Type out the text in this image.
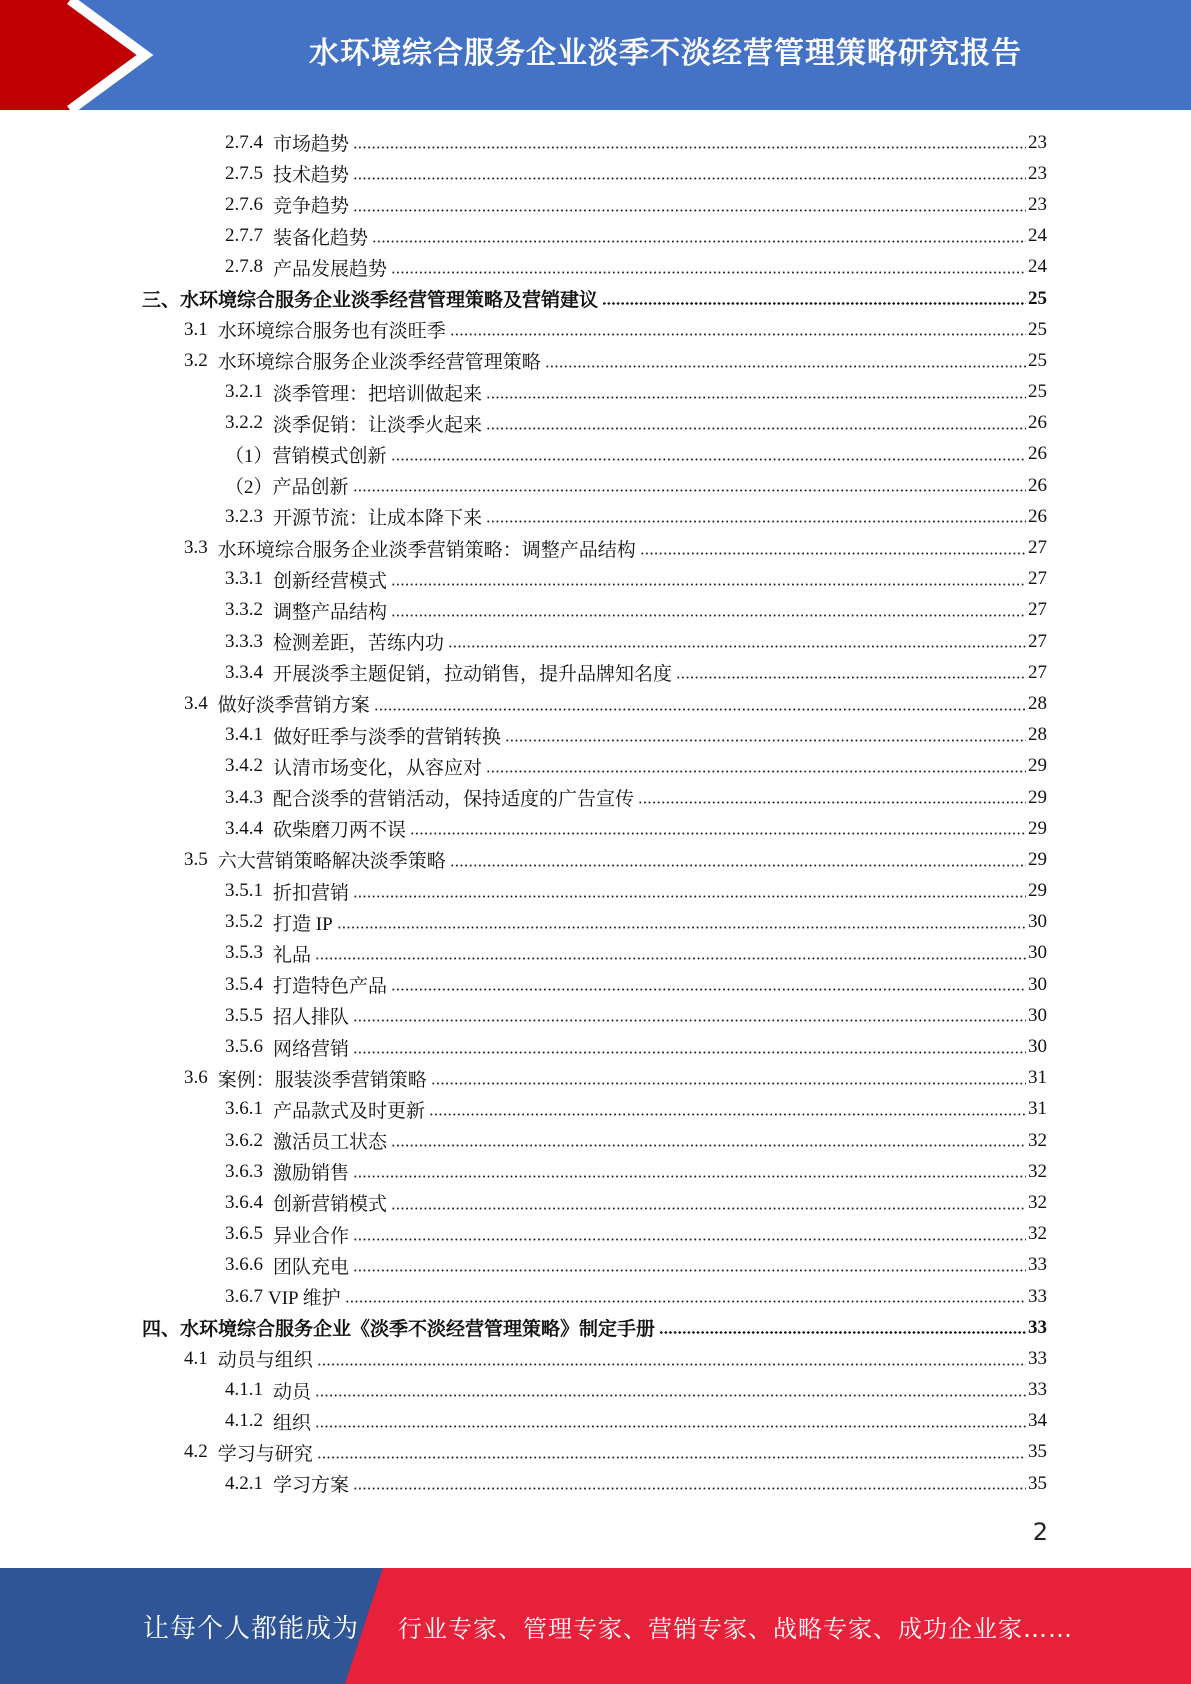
水环境综合服务企业淡季不淡经营管理策略研究报告
2.7.4 市场趋势	23
2.7.5 技术趋势	23
2.7.6 竞争趋势	23
2.7.7 装备化趋势	24
2.7.8 产品发展趋势	24
三、水环境综合服务企业淡季经营管理策略及营销建议	25
3.1 水环境综合服务也有淡旺季	25
3.2 水环境综合服务企业淡季经营管理策略	25
3.2.1 淡季管理：把培训做起来	25
3.2.2 淡季促销：让淡季火起来	26
（1） 营销模式创新	26
（2） 产品创新	26
3.2.3 开源节流：让成本降下来	26
3.3 水环境综合服务企业淡季营销策略：调整产品结构	27
3.3.1 创新经营模式	27
3.3.2 调整产品结构	27
3.3.3 检测差距，苦练内功	27
3.3.4 开展淡季主题促销，拉动销售，提升品牌知名度	27
3.4 做好淡季营销方案	28
3.4.1 做好旺季与淡季的营销转换	28
3.4.2 认清市场变化，从容应对	29
3.4.3 配合淡季的营销活动，保持适度的广告宣传	29
3.4.4 砍柴磨刀两不误	29
3.5 六大营销策略解决淡季策略	29
3.5.1 折扣营销	29
3.5.2 打造 IP	30
3.5.3 礼品	30
3.5.4 打造特色产品	30
3.5.5 招人排队	30
3.5.6 网络营销	30
3.6 案例：服装淡季营销策略	31
3.6.1 产品款式及时更新	31
3.6.2 激活员工状态	32
3.6.3 激励销售	32
3.6.4 创新营销模式	32
3.6.5 异业合作	32
3.6.6 团队充电	33
3.6.7 VIP 维护	33
四、水环境综合服务企业《淡季不淡经营管理策略》制定手册	33
4.1 动员与组织	33
4.1.1 动员	33
4.1.2 组织	34
4.2 学习与研究	35
4.2.1 学习方案	35
2
让每个人都能成为 行业专家、管理专家、营销专家、战略专家、成功企业家……
